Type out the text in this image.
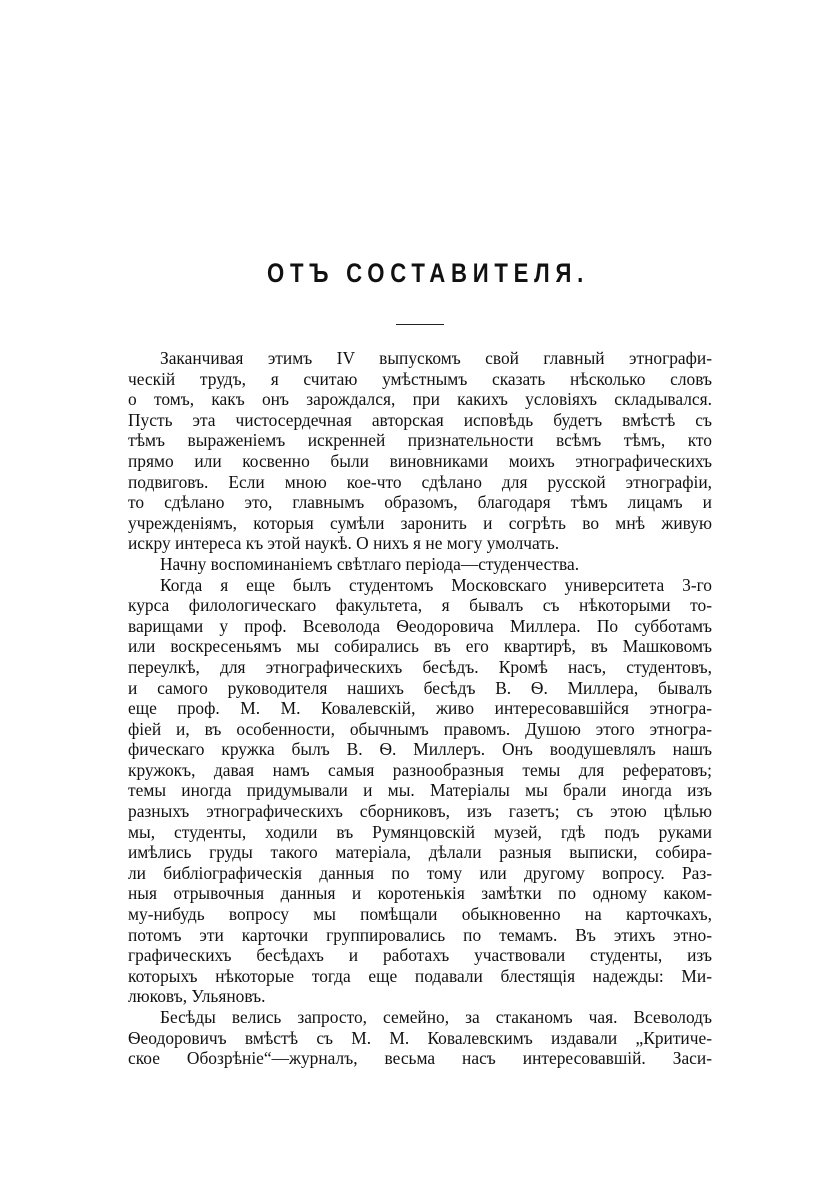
ОТЪ СОСТАВИТЕЛЯ.
Заканчивая этимъ IV выпускомъ свой главный этнографи-
ческій трудъ, я считаю умѣстнымъ сказать нѣсколько словъ
о томъ, какъ онъ зарождался, при какихъ условіяхъ складывался.
Пусть эта чистосердечная авторская исповѣдь будетъ вмѣстѣ съ
тѣмъ выраженіемъ искренней признательности всѣмъ тѣмъ, кто
прямо или косвенно были виновниками моихъ этнографическихъ
подвиговъ. Если мною кое-что сдѣлано для русской этнографіи,
то сдѣлано это, главнымъ образомъ, благодаря тѣмъ лицамъ и
учрежденіямъ, которыя сумѣли заронить и согрѣть во мнѣ живую
искру интереса къ этой наукѣ. О нихъ я не могу умолчать.
Начну воспоминаніемъ свѣтлаго періода—студенчества.
Когда я еще былъ студентомъ Московскаго университета 3-го
курса филологическаго факультета, я бывалъ съ нѣкоторыми то-
варищами у проф. Всеволода Ѳеодоровича Миллера. По субботамъ
или воскресеньямъ мы собирались въ его квартирѣ, въ Машковомъ
переулкѣ, для этнографическихъ бесѣдъ. Кромѣ насъ, студентовъ,
и самого руководителя нашихъ бесѣдъ В. Ѳ. Миллера, бывалъ
еще проф. М. М. Ковалевскій, живо интересовавшійся этногра-
фіей и, въ особенности, обычнымъ правомъ. Душою этого этногра-
фическаго кружка былъ В. Ѳ. Миллеръ. Онъ воодушевлялъ нашъ
кружокъ, давая намъ самыя разнообразныя темы для рефератовъ;
темы иногда придумывали и мы. Матеріалы мы брали иногда изъ
разныхъ этнографическихъ сборниковъ, изъ газетъ; съ этою цѣлью
мы, студенты, ходили въ Румянцовскій музей, гдѣ подъ руками
имѣлись груды такого матеріала, дѣлали разныя выписки, собира-
ли библіографическія данныя по тому или другому вопросу. Раз-
ныя отрывочныя данныя и коротенькія замѣтки по одному каком-
му-нибудь вопросу мы помѣщали обыкновенно на карточкахъ,
потомъ эти карточки группировались по темамъ. Въ этихъ этно-
графическихъ бесѣдахъ и работахъ участвовали студенты, изъ
которыхъ нѣкоторые тогда еще подавали блестящія надежды: Ми-
люковъ, Ульяновъ.
Бесѣды велись запросто, семейно, за стаканомъ чая. Всеволодъ
Ѳеодоровичъ вмѣстѣ съ М. М. Ковалевскимъ издавали „Критиче-
ское Обозрѣніе“—журналъ, весьма насъ интересовавшій. Заси-
